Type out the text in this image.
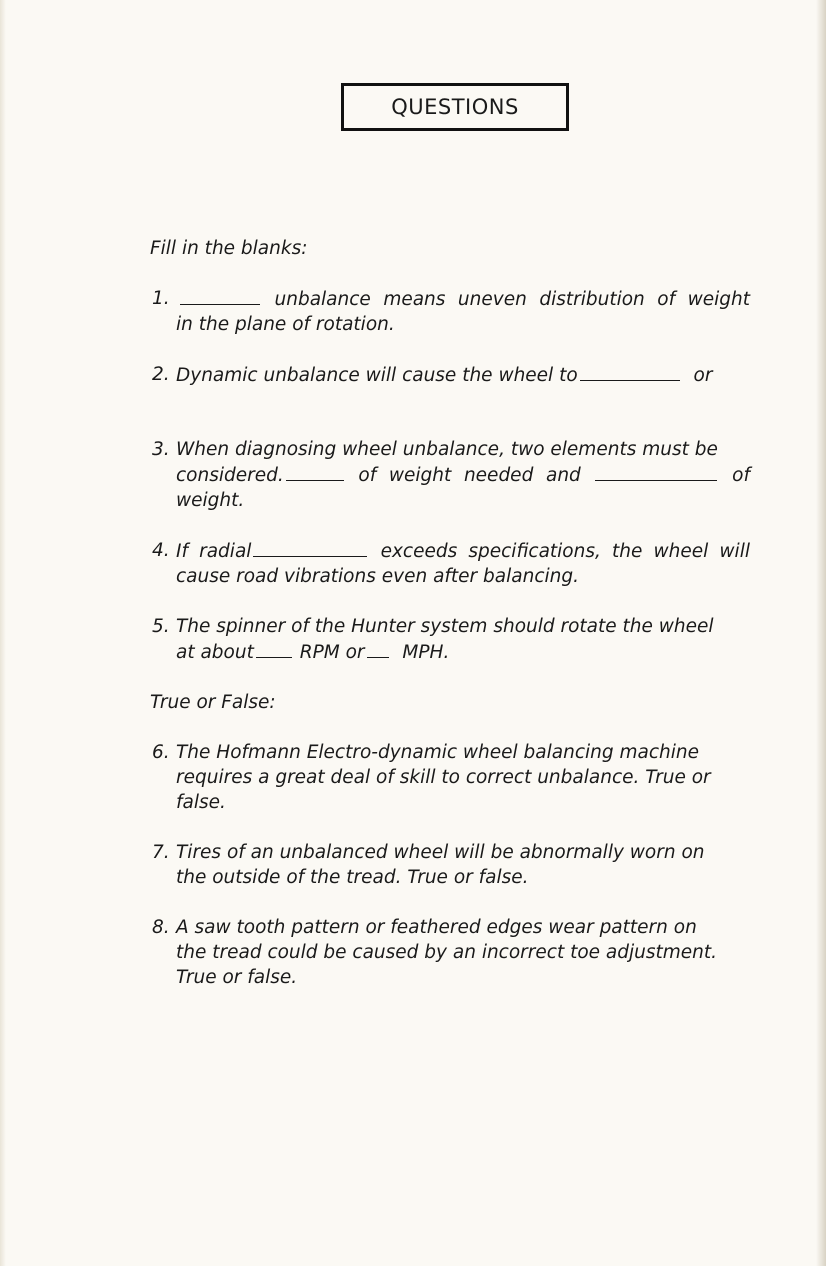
QUESTIONS

Fill in the blanks:

1.	unbalance means uneven distribution of weight
in the plane of rotation.
2. Dynamic unbalance will cause the wheel to	or
3. When diagnosing wheel unbalance, two elements must be
considered.	of weight needed and	of
weight.
4. If radial	exceeds specifications, the wheel will
cause road vibrations even after balancing.
5. The spinner of the Hunter system should rotate the wheel
at about RPM or MPH.

True or False:

6. The Hofmann Electro-dynamic wheel balancing machine
requires a great deal of skill to correct unbalance. True or
false.
7. Tires of an unbalanced wheel will be abnormally worn on
the outside of the tread. True or false.
8. A saw tooth pattern or feathered edges wear pattern on
the tread could be caused by an incorrect toe adjustment.
True or false.
